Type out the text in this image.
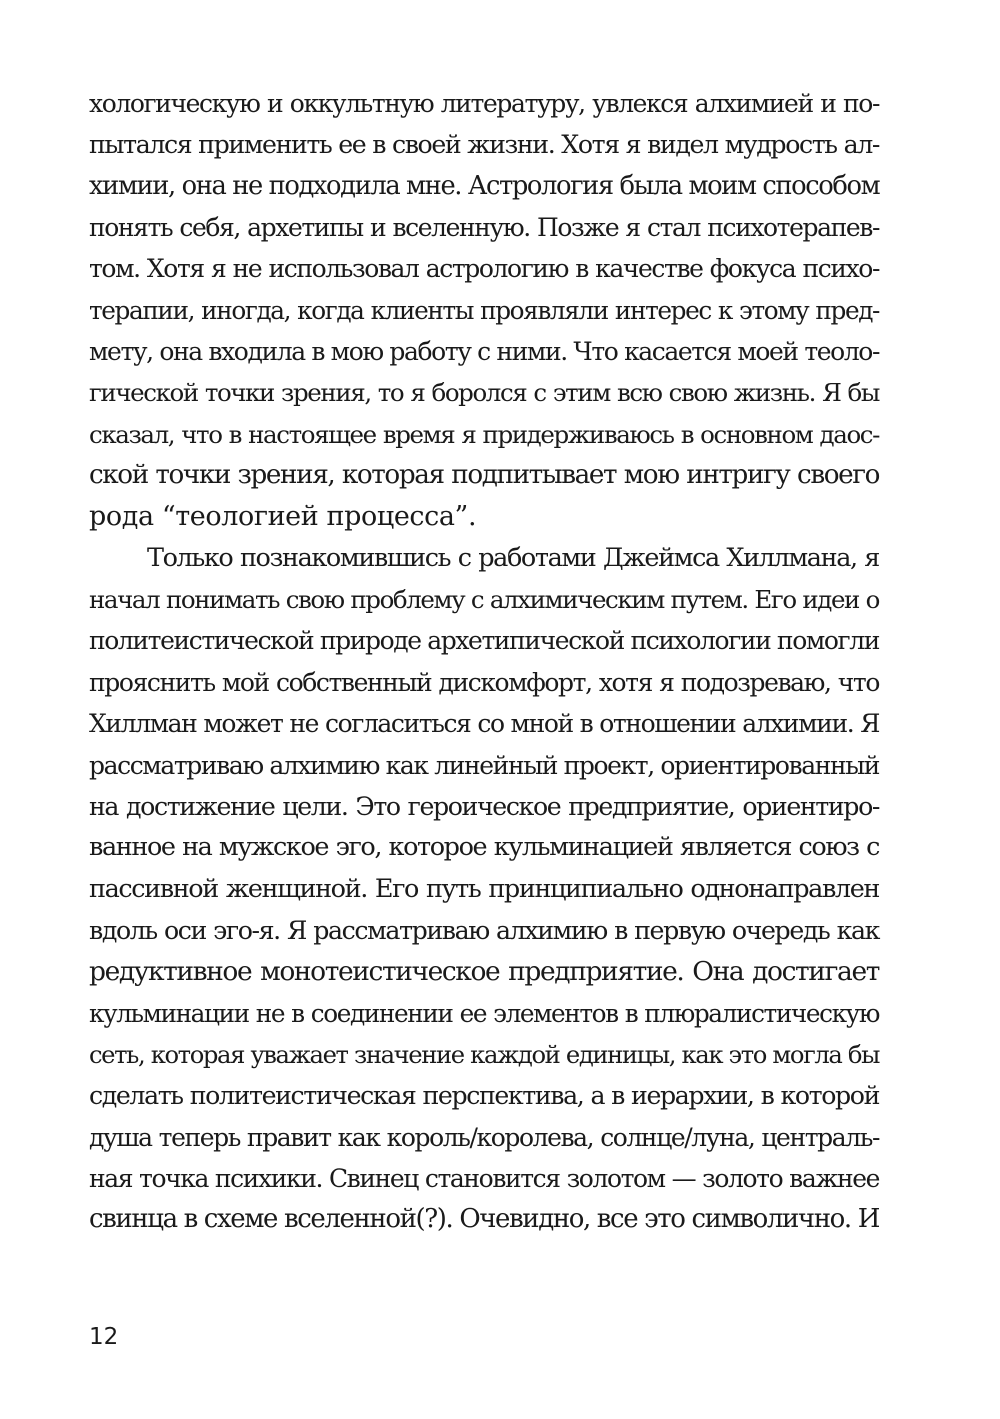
хологическую и оккультную литературу, увлекся алхимией и по-
пытался применить ее в своей жизни. Хотя я видел мудрость ал-
химии, она не подходила мне. Астрология была моим способом
понять себя, архетипы и вселенную. Позже я стал психотерапев-
том. Хотя я не использовал астрологию в качестве фокуса психо-
терапии, иногда, когда клиенты проявляли интерес к этому пред-
мету, она входила в мою работу с ними. Что касается моей теоло-
гической точки зрения, то я боролся с этим всю свою жизнь. Я бы
сказал, что в настоящее время я придерживаюсь в основном даос-
ской точки зрения, которая подпитывает мою интригу своего
рода “теологией процесса”.
Только познакомившись с работами Джеймса Хиллмана, я
начал понимать свою проблему с алхимическим путем. Его идеи о
политеистической природе архетипической психологии помогли
прояснить мой собственный дискомфорт, хотя я подозреваю, что
Хиллман может не согласиться со мной в отношении алхимии. Я
рассматриваю алхимию как линейный проект, ориентированный
на достижение цели. Это героическое предприятие, ориентиро-
ванное на мужское эго, которое кульминацией является союз с
пассивной женщиной. Его путь принципиально однонаправлен
вдоль оси эго-я. Я рассматриваю алхимию в первую очередь как
редуктивное монотеистическое предприятие. Она достигает
кульминации не в соединении ее элементов в плюралистическую
сеть, которая уважает значение каждой единицы, как это могла бы
сделать политеистическая перспектива, а в иерархии, в которой
душа теперь правит как король/королева, солнце/луна, централь-
ная точка психики. Свинец становится золотом — золото важнее
свинца в схеме вселенной(?). Очевидно, все это символично. И
12
